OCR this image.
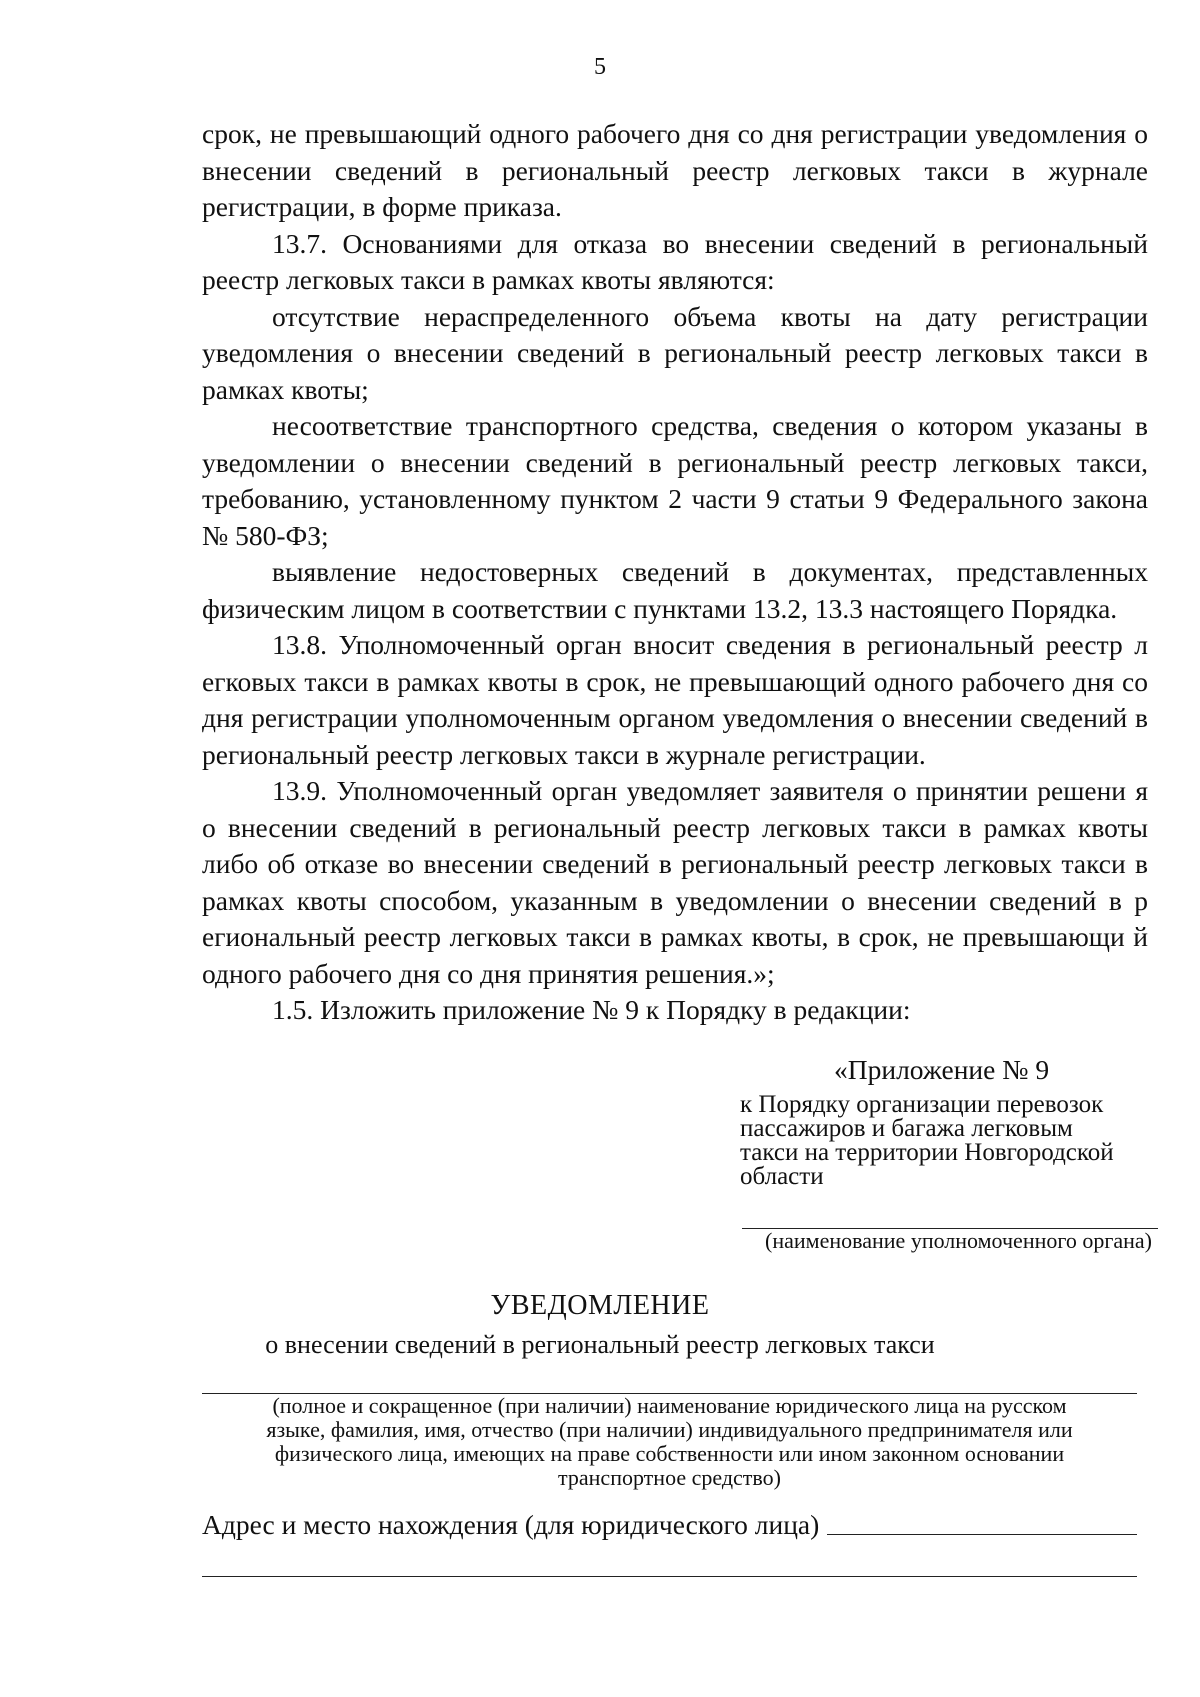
5

срок, не превышающий одного рабочего дня со дня регистрации уведомления о внесении сведений в региональный реестр легковых такси в журнале регистрации, в форме приказа.

13.7. Основаниями для отказа во внесении сведений в региональный реестр легковых такси в рамках квоты являются:

отсутствие нераспределенного объема квоты на дату регистрации уведомления о внесении сведений в региональный реестр легковых такси в рамках квоты;

несоответствие транспортного средства, сведения о котором указаны в уведомлении о внесении сведений в региональный реестр легковых такси, требованию, установленному пунктом 2 части 9 статьи 9 Федерального закона № 580-ФЗ;

выявление недостоверных сведений в документах, представленных физическим лицом в соответствии с пунктами 13.2, 13.3 настоящего Порядка.

13.8. Уполномоченный орган вносит сведения в региональный реестр л егковых такси в рамках квоты в срок, не превышающий одного рабочего дня со дня регистрации уполномоченным органом уведомления о внесении сведений в региональный реестр легковых такси в журнале регистрации.

13.9. Уполномоченный орган уведомляет заявителя о принятии решени я о внесении сведений в региональный реестр легковых такси в рамках квоты либо об отказе во внесении сведений в региональный реестр легковых такси в рамках квоты способом, указанным в уведомлении о внесении сведений в р егиональный реестр легковых такси в рамках квоты, в срок, не превышающи й одного рабочего дня со дня принятия решения.»;

1.5. Изложить приложение № 9 к Порядку в редакции:

«Приложение № 9
к Порядку организации перевозок
пассажиров и багажа легковым
такси на территории Новгородской
области
(наименование уполномоченного органа)
УВЕДОМЛЕНИЕ
о внесении сведений в региональный реестр легковых такси
(полное и сокращенное (при наличии) наименование юридического лица на русском
языке, фамилия, имя, отчество (при наличии) индивидуального предпринимателя или
физического лица, имеющих на праве собственности или ином законном основании
транспортное средство)
Адрес и место нахождения (для юридического лица)
